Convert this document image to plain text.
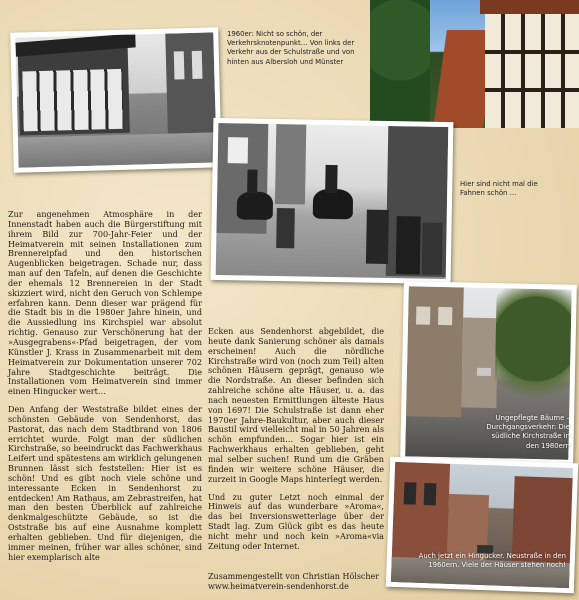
1960er: Nicht so schön, der Verkehrsknotenpunkt… Von links der Verkehr aus der Schulstraße und von hinten aus Albersloh und Münster
Hier sind nicht mal die Fahnen schön …
Ungepflegte Bäume – Durchgangsverkehr: Die südliche Kirchstraße in den 1980ern
Auch jetzt ein Hingucker. Neustraße in den 1960ern. Viele der Häuser stehen noch!

Zur angenehmen Atmosphäre in der Innenstadt haben auch die Bürgerstiftung mit ihrem Bild zur 700-Jahr-Feier und der Heimatverein mit seinen Installationen zum Brennereipfad und den historischen Augenblicken beigetragen. Schade nur, dass man auf den Tafeln, auf denen die Geschichte der ehemals 12 Brennereien in der Stadt skizziert wird, nicht den Geruch von Schlempe erfahren kann. Denn dieser war prägend für die Stadt bis in die 1980er Jahre hinein, und die Aussiedlung ins Kirchspiel war absolut richtig. Genauso zur Verschönerung hat der »Ausgegrabens«-Pfad beigetragen, der vom Künstler J. Krass in Zusammenarbeit mit dem Heimatverein zur Dokumentation unserer 702 Jahre Stadtgeschichte beiträgt. Die Installationen vom Heimatverein sind immer einen Hingucker wert…

Den Anfang der Weststraße bildet eines der schönsten Gebäude von Sendenhorst, das Pastorat, das nach dem Stadtbrand von 1806 errichtet wurde. Folgt man der südlichen Kirchstraße, so beeindruckt das Fachwerkhaus Leifert und spätestens am wirklich gelungenen Brunnen lässt sich feststellen: Hier ist es schön! Und es gibt noch viele schöne und interessante Ecken in Sendenhorst zu entdecken! Am Rathaus, am Zebrastreifen, hat man den besten Überblick auf zahlreiche denkmalgeschützte Gebäude, so ist die Oststraße bis auf eine Ausnahme komplett erhalten geblieben. Und für diejenigen, die immer meinen, früher war alles schöner, sind hier exemplarisch alte

Ecken aus Sendenhorst abgebildet, die heute dank Sanierung schöner als damals erscheinen! Auch die nördliche Kirchstraße wird von (noch zum Teil) alten schönen Häusern geprägt, genauso wie die Nordstraße. An dieser befinden sich zahlreiche schöne alte Häuser, u. a. das nach neuesten Ermittlungen älteste Haus von 1697! Die Schulstraße ist dann eher 1970er Jahre-Baukultur, aber auch dieser Baustil wird vielleicht mal in 50 Jahren als schön empfunden… Sogar hier ist ein Fachwerkhaus erhalten geblieben, geht mal selber suchen! Rund um die Gräben finden wir weitere schöne Häuser, die zurzeit in Google Maps hinterlegt werden.

Und zu guter Letzt noch einmal der Hinweis auf das wunderbare »Aroma«, das bei Inversionswetterlage über der Stadt lag. Zum Glück gibt es das heute nicht mehr und noch kein »Aroma«via Zeitung oder Internet.

Zusammengestellt von Christian Hölscher
www.heimatverein-sendenhorst.de
